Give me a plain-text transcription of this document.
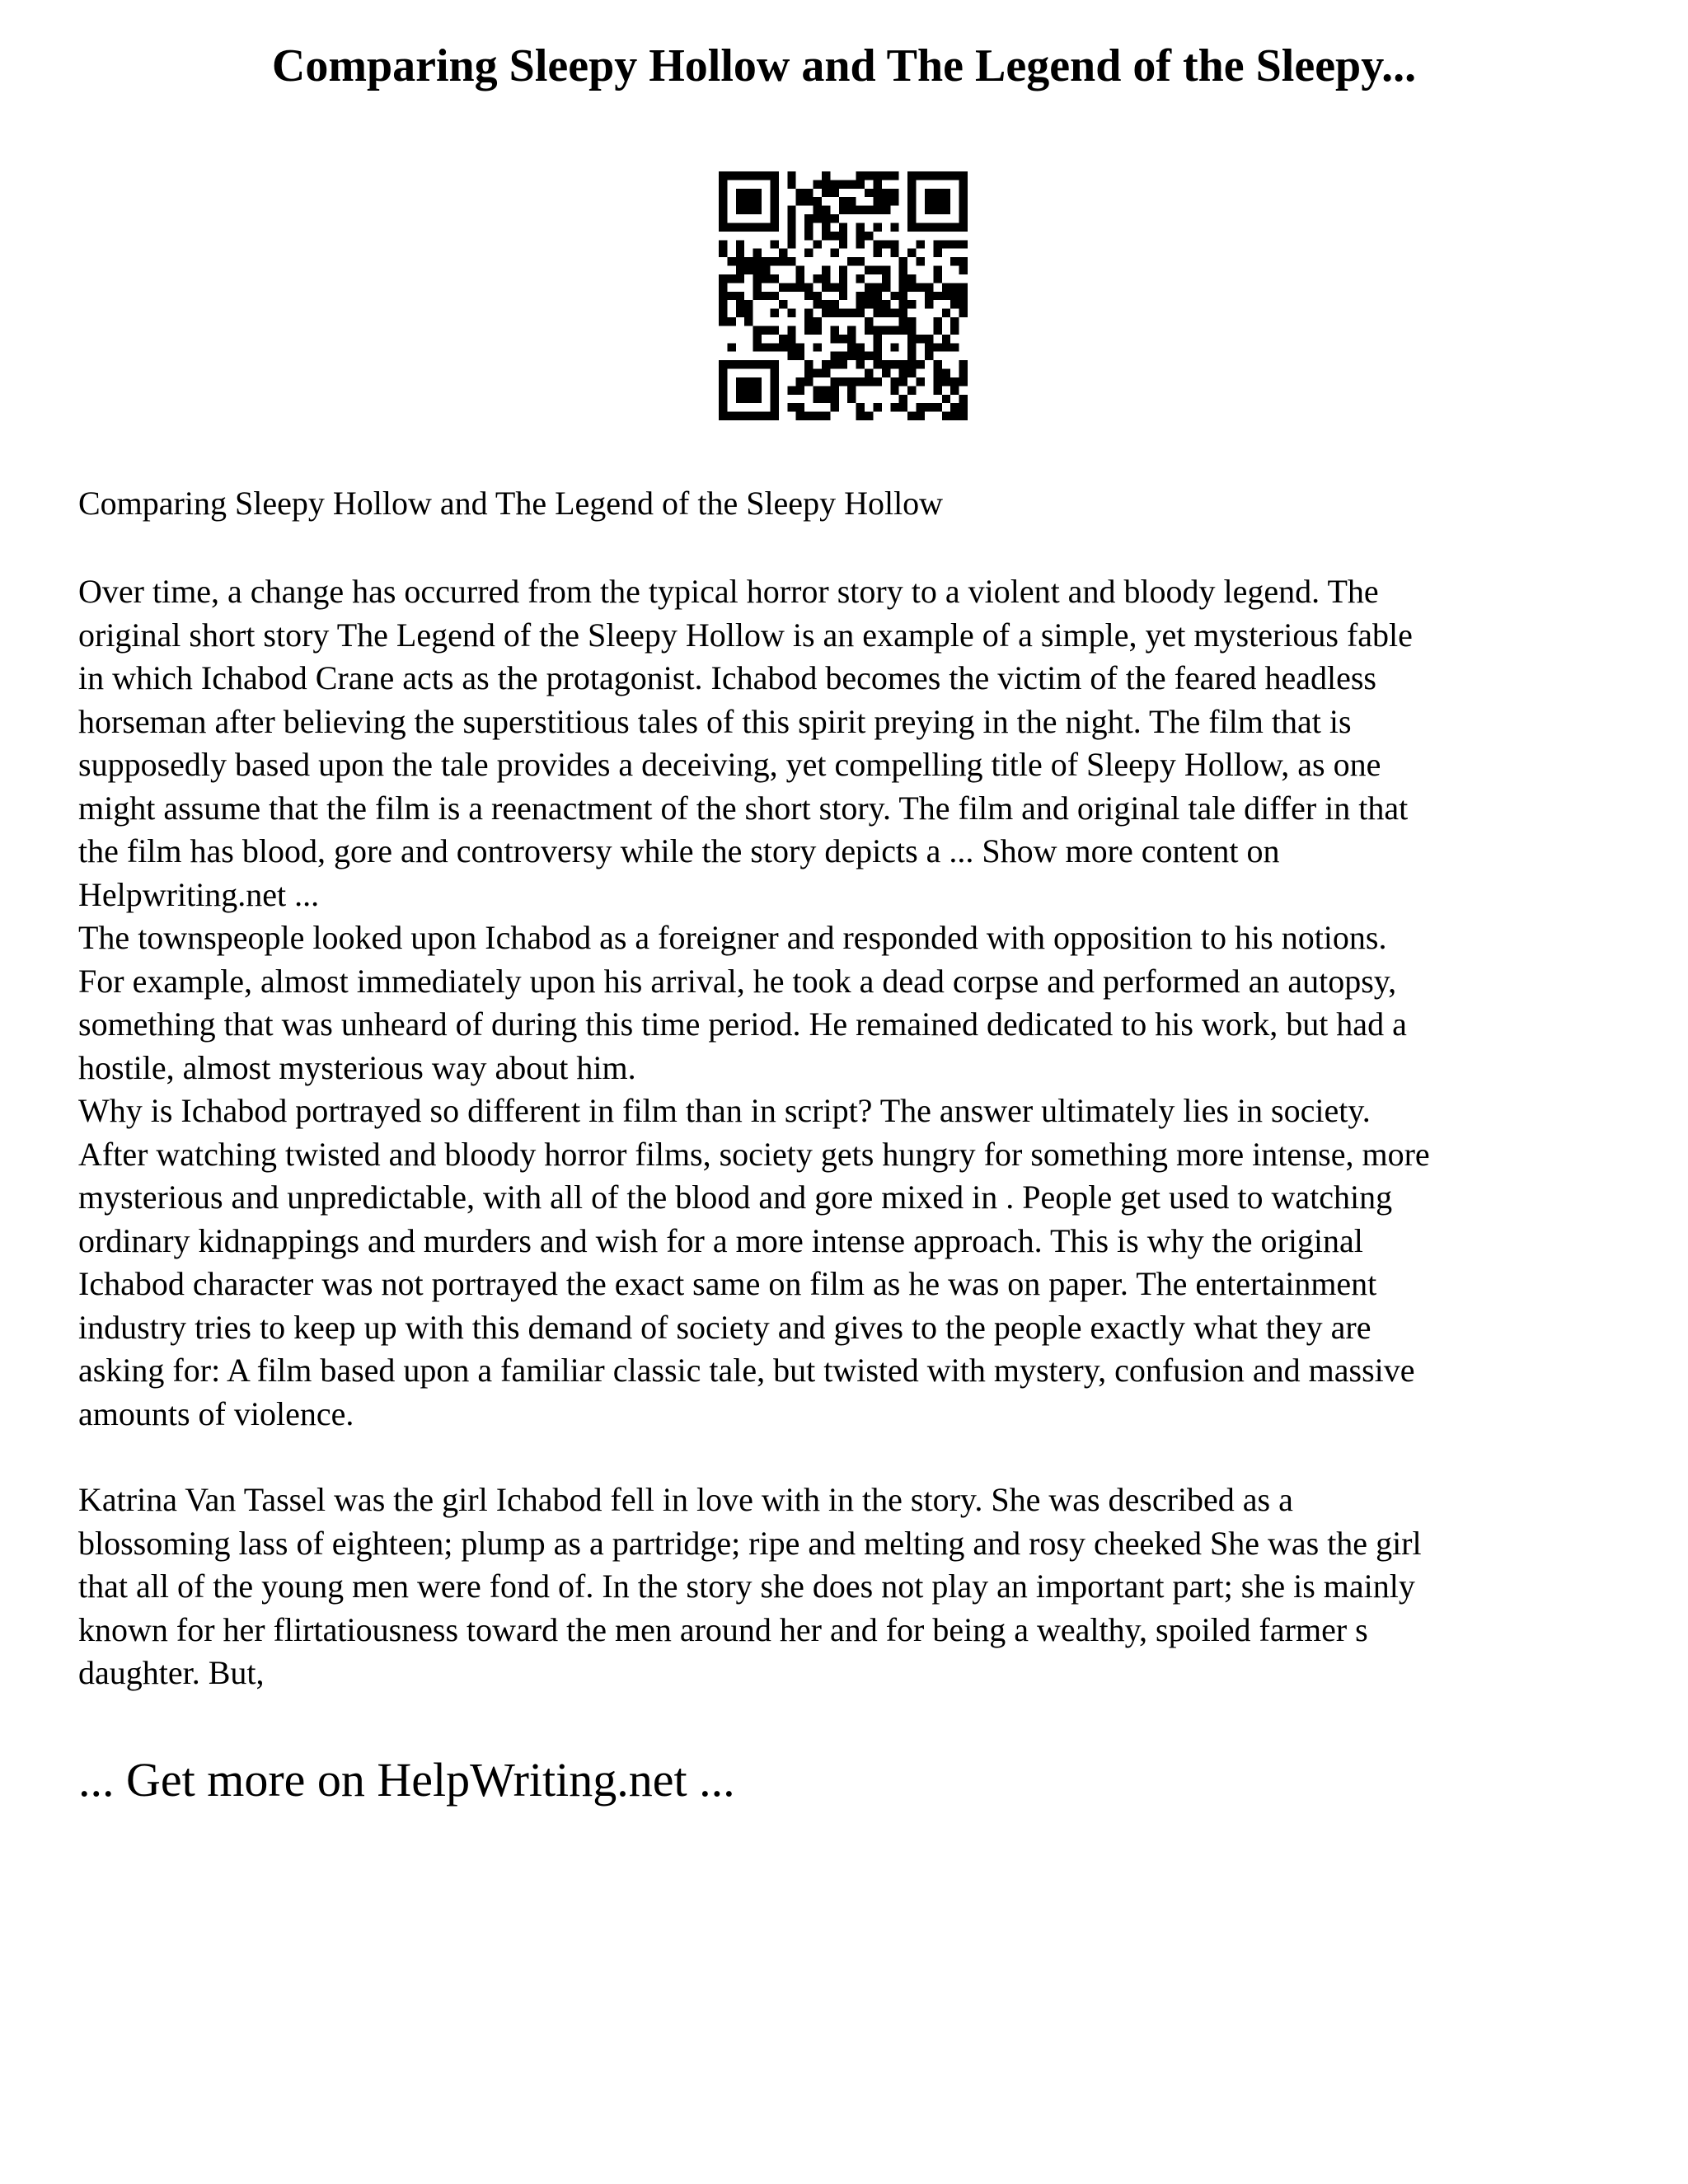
Comparing Sleepy Hollow and The Legend of the Sleepy...

Comparing Sleepy Hollow and The Legend of the Sleepy Hollow

Over time, a change has occurred from the typical horror story to a violent and bloody legend. The
original short story The Legend of the Sleepy Hollow is an example of a simple, yet mysterious fable
in which Ichabod Crane acts as the protagonist. Ichabod becomes the victim of the feared headless
horseman after believing the superstitious tales of this spirit preying in the night. The film that is
supposedly based upon the tale provides a deceiving, yet compelling title of Sleepy Hollow, as one
might assume that the film is a reenactment of the short story. The film and original tale differ in that
the film has blood, gore and controversy while the story depicts a ... Show more content on
Helpwriting.net ...

The townspeople looked upon Ichabod as a foreigner and responded with opposition to his notions.
For example, almost immediately upon his arrival, he took a dead corpse and performed an autopsy,
something that was unheard of during this time period. He remained dedicated to his work, but had a
hostile, almost mysterious way about him.

Why is Ichabod portrayed so different in film than in script? The answer ultimately lies in society.
After watching twisted and bloody horror films, society gets hungry for something more intense, more
mysterious and unpredictable, with all of the blood and gore mixed in . People get used to watching
ordinary kidnappings and murders and wish for a more intense approach. This is why the original
Ichabod character was not portrayed the exact same on film as he was on paper. The entertainment
industry tries to keep up with this demand of society and gives to the people exactly what they are
asking for: A film based upon a familiar classic tale, but twisted with mystery, confusion and massive
amounts of violence.

Katrina Van Tassel was the girl Ichabod fell in love with in the story. She was described as a
blossoming lass of eighteen; plump as a partridge; ripe and melting and rosy cheeked She was the girl
that all of the young men were fond of. In the story she does not play an important part; she is mainly
known for her flirtatiousness toward the men around her and for being a wealthy, spoiled farmer s
daughter. But,

... Get more on HelpWriting.net ...
